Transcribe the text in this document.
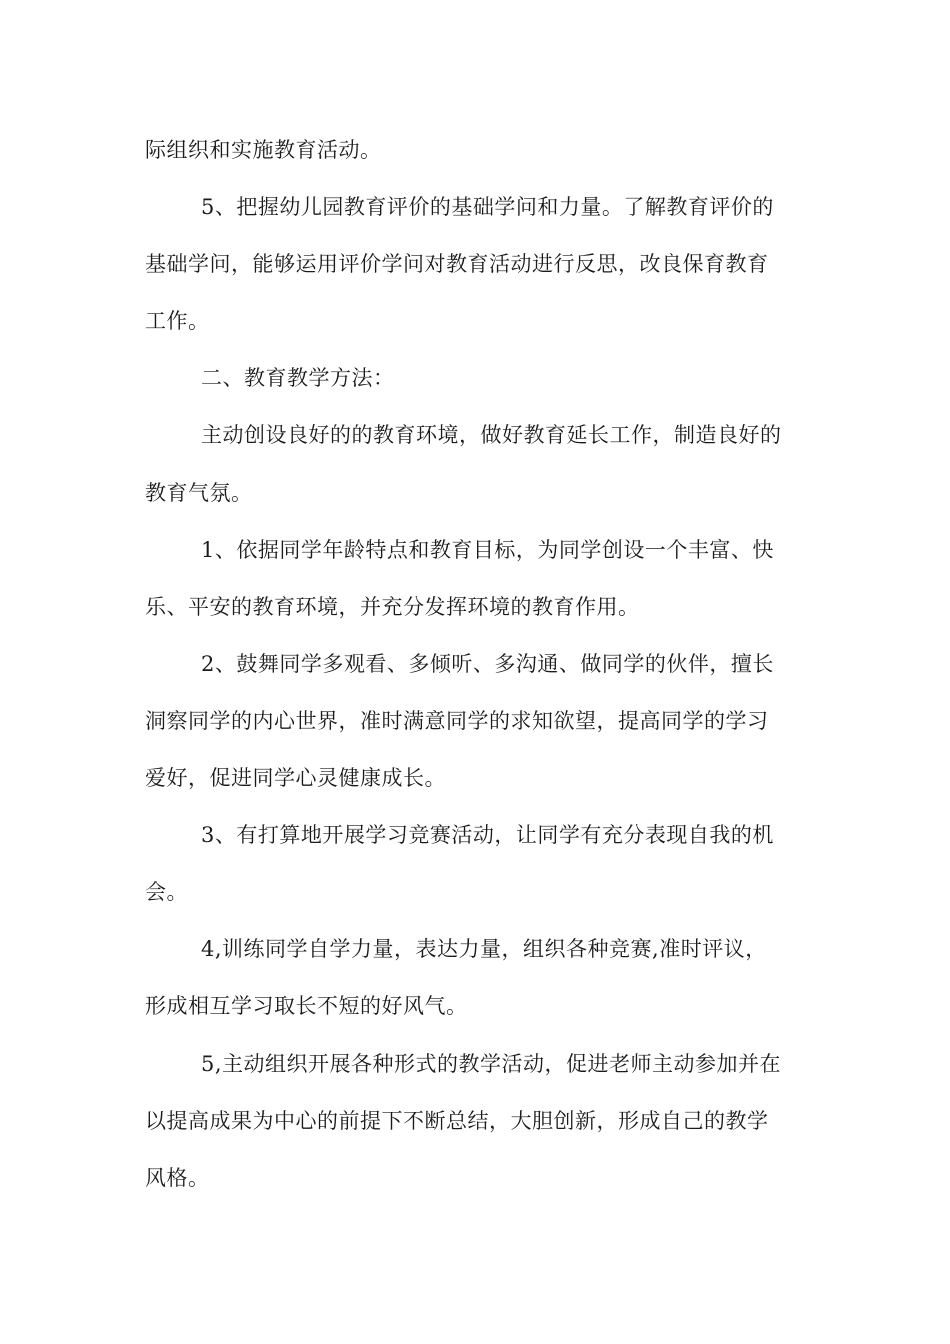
际组织和实施教育活动。
5、把握幼儿园教育评价的基础学问和力量。了解教育评价的
基础学问，能够运用评价学问对教育活动进行反思，改良保育教育
工作。
二、教育教学方法：
主动创设良好的的教育环境，做好教育延长工作，制造良好的
教育气氛。
1、依据同学年龄特点和教育目标，为同学创设一个丰富、快
乐、平安的教育环境，并充分发挥环境的教育作用。
2、鼓舞同学多观看、多倾听、多沟通、做同学的伙伴，擅长
洞察同学的内心世界，准时满意同学的求知欲望，提高同学的学习
爱好，促进同学心灵健康成长。
3、有打算地开展学习竞赛活动，让同学有充分表现自我的机
会。
4,训练同学自学力量，表达力量，组织各种竞赛,准时评议，
形成相互学习取长不短的好风气。
5,主动组织开展各种形式的教学活动，促进老师主动参加并在
以提高成果为中心的前提下不断总结，大胆创新，形成自己的教学
风格。
